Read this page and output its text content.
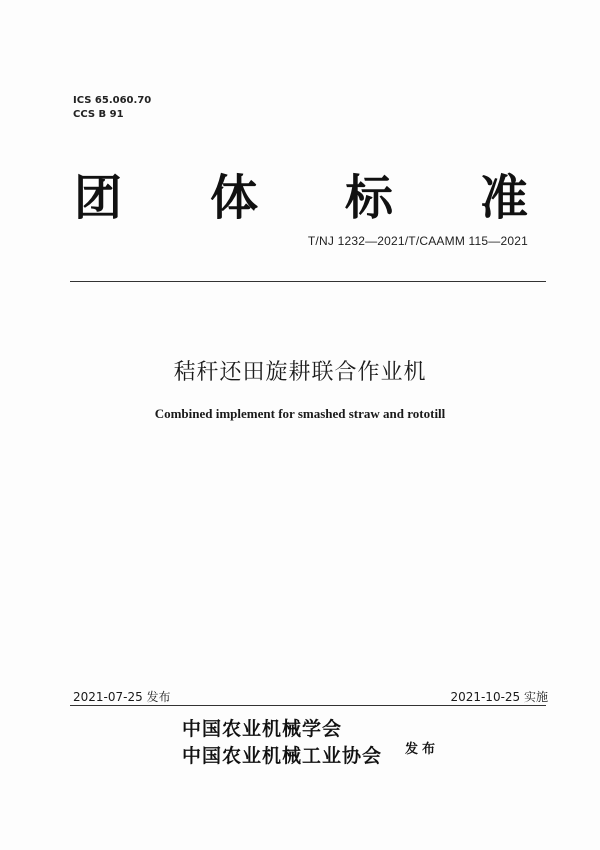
ICS 65.060.70
CCS B 91
团 体 标 准
T/NJ 1232—2021/T/CAAMM 115—2021
秸秆还田旋耕联合作业机
Combined implement for smashed straw and rototill
2021-07-25 发布	2021-10-25 实施
中国农业机械学会
中国农业机械工业协会 发布
